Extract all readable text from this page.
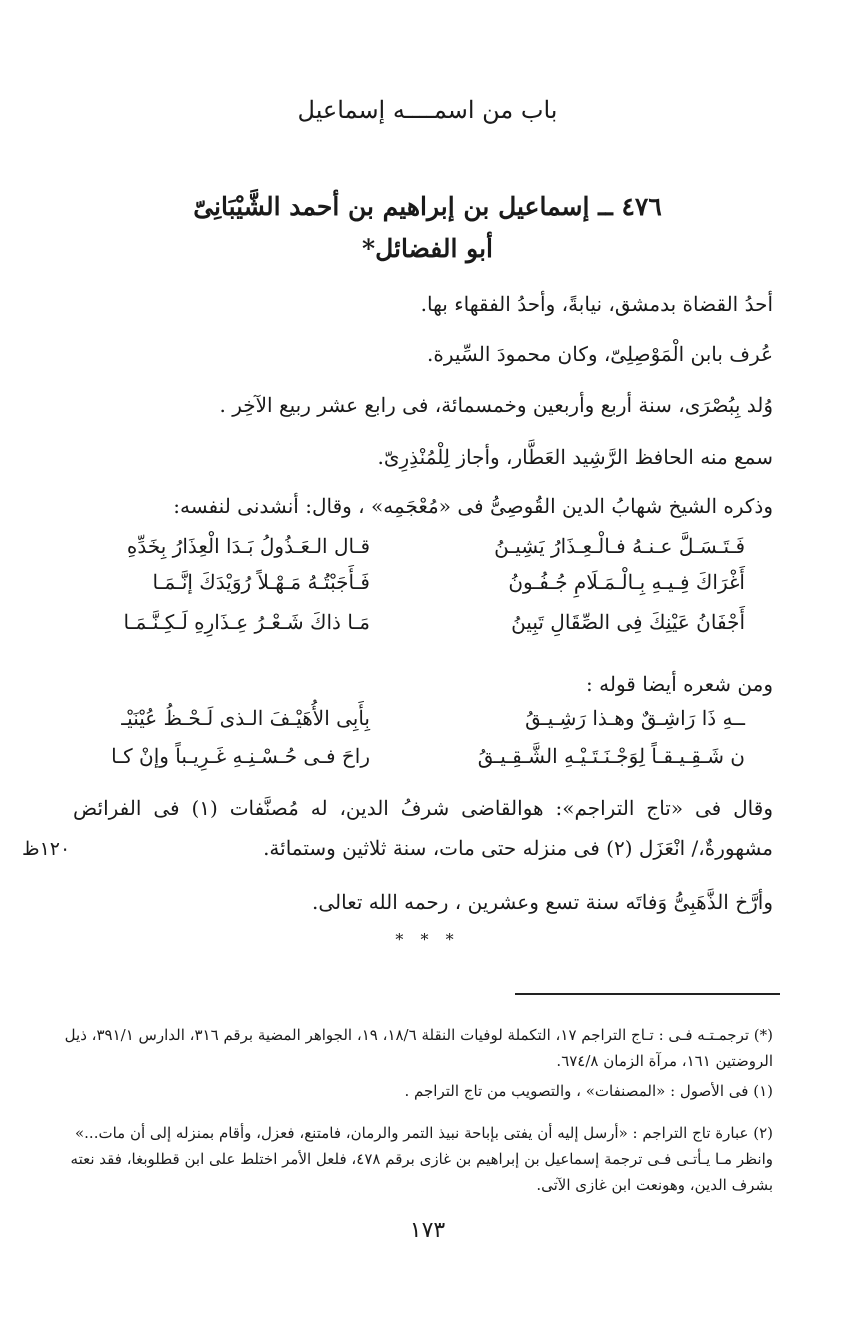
باب من اسمــــه إسماعيل
٤٧٦ ــ إسماعيل بن إبراهيم بن أحمد الشَّيْبَانِىّ
أبو الفضائل*
أحدُ القضاة بدمشق، نيابةً، وأحدُ الفقهاء بها.
عُرف بابن الْمَوْصِلِىّ، وكان محمودَ السِّيرة.
وُلد بِبُصْرَى، سنة أربع وأربعين وخمسمائة، فى رابع عشر ربيع الآخِر .
سمع منه الحافظ الرَّشِيد العَطَّار، وأجاز لِلْمُنْذِرِىّ.
وذكره الشيخ شهابُ الدين القُوصِىُّ فى «مُعْجَمِه» ، وقال: أنشدنى لنفسه:
قـال الـعَـذُولُ بَـدَا الْعِذَارُ بِخَدِّهِ	فَـتَـسَـلَّ عـنـهُ فـالْـعِـذَارُ يَشِيـنُ
فَـأَجَبْتُـهُ مَـهْـلاً رُوَيْدَكَ إنَّـمَـا	أَغْرَاكَ فِـيـهِ بِـالْـمَـلَامِ جُـفُـونُ
مَـا ذاكَ شَـعْـرُ عِـذَارِهِ لَـكِـنَّـمَـا	أَجْفَانُ عَيْنِكَ فِى الصِّقَالِ تَبِينُ
ومن شعره أيضا قوله :
بِأَبِى الأُهَيْـفَ الـذى لَـحْـظُ عُيْنَيْـ	ــهِ ذَا رَاشِـقٌ وهـذا رَشِـيـقُ
راحَ فـى حُـسْـنِـهِ غَـرِيـباً وإنْ كـا	ن شَـقِـيـقـاً لِوَجْـنَـتَـيْـهِ الشَّـقِـيـقُ
وقال فى «تاج التراجم»: هوالقاضى شرفُ الدين، له مُصنَّفات (١) فى الفرائض
مشهورةٌ،/ انْعَزَل (٢) فى منزله حتى مات، سنة ثلاثين وستمائة.
١٢٠ظ
وأرَّخ الذَّهَبِىُّ وَفاتَه سنة تسع وعشرين ، رحمه الله تعالى.
* * *
(*) ترجمـتـه فـى : تـاج التراجم ١٧، التكملة لوفيات النقلة ١٨/٦، ١٩، الجواهر المضية برقم ٣١٦، الدارس ٣٩١/١، ذيل الروضتين ١٦١، مرآة الزمان ٦٧٤/٨.
(١) فى الأصول : «المصنفات» ، والتصويب من تاج التراجم .
(٢) عبارة تاج التراجم : «أرسل إليه أن يفتى بإباحة نبيذ التمر والرمان، فامتنع، فعزل، وأقام بمنزله إلى أن مات...» وانظر مـا يـأتـى فـى ترجمة إسماعيل بن إبراهيم بن غازى برقم ٤٧٨، فلعل الأمر اختلط على ابن قطلوبغا، فقد نعته بشرف الدين، وهونعت ابن غازى الآتى.
١٧٣
